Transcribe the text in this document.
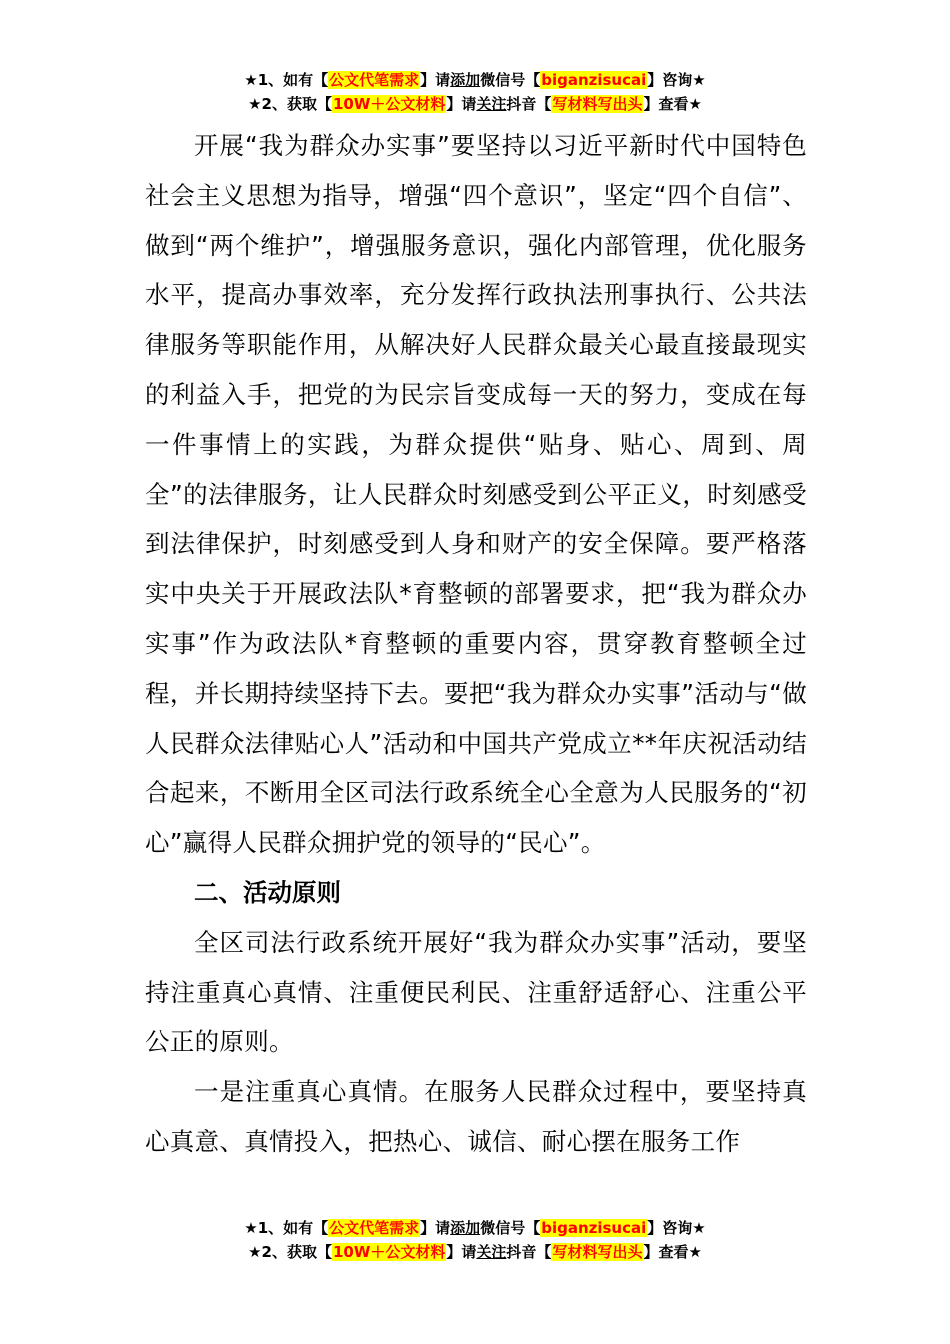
★1、如有【公文代笔需求】请添加微信号【biganzisucai】咨询★
★2、获取【10W＋公文材料】请关注抖音【写材料写出头】查看★

开展“我为群众办实事”要坚持以习近平新时代中国特色社会主义思想为指导，增强“四个意识”，坚定“四个自信”、做到“两个维护”，增强服务意识，强化内部管理，优化服务水平，提高办事效率，充分发挥行政执法刑事执行、公共法律服务等职能作用，从解决好人民群众最关心最直接最现实的利益入手，把党的为民宗旨变成每一天的努力，变成在每一件事情上的实践，为群众提供“贴身、贴心、周到、周全”的法律服务，让人民群众时刻感受到公平正义，时刻感受到法律保护，时刻感受到人身和财产的安全保障。要严格落实中央关于开展政法队*育整顿的部署要求，把“我为群众办实事”作为政法队*育整顿的重要内容，贯穿教育整顿全过程，并长期持续坚持下去。要把“我为群众办实事”活动与“做人民群众法律贴心人”活动和中国共产党成立**年庆祝活动结合起来，不断用全区司法行政系统全心全意为人民服务的“初心”赢得人民群众拥护党的领导的“民心”。

二、活动原则

全区司法行政系统开展好“我为群众办实事”活动，要坚持注重真心真情、注重便民利民、注重舒适舒心、注重公平公正的原则。

一是注重真心真情。在服务人民群众过程中，要坚持真心真意、真情投入，把热心、诚信、耐心摆在服务工作

★1、如有【公文代笔需求】请添加微信号【biganzisucai】咨询★
★2、获取【10W＋公文材料】请关注抖音【写材料写出头】查看★
